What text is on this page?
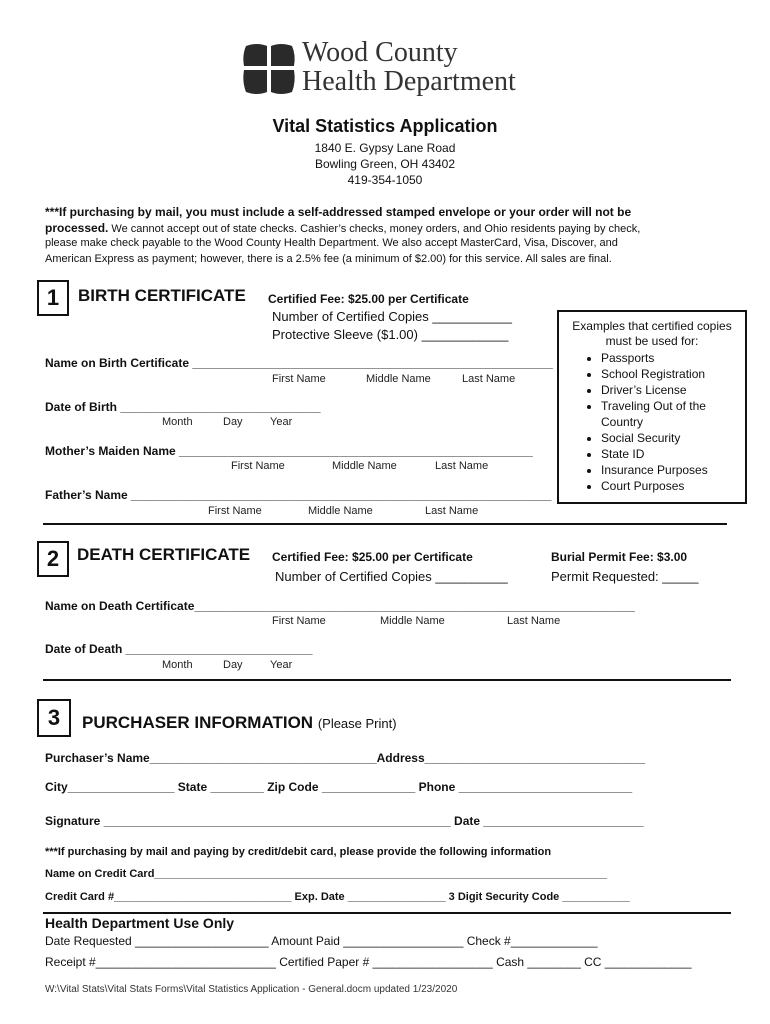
Wood County
Health Department
Vital Statistics Application
1840 E. Gypsy Lane Road
Bowling Green, OH 43402
419-354-1050
***If purchasing by mail, you must include a self-addressed stamped envelope or your order will not be
processed. We cannot accept out of state checks. Cashier’s checks, money orders, and Ohio residents paying by check,
please make check payable to the Wood County Health Department. We also accept MasterCard, Visa, Discover, and
American Express as payment; however, there is a 2.5% fee (a minimum of $2.00) for this service. All sales are final.
1	BIRTH CERTIFICATE Certified Fee: $25.00 per Certificate
Number of Certified Copies ___________
Protective Sleeve ($1.00) ____________
Name on Birth Certificate ______________________________________________________
First Name	Middle Name	Last Name
Date of Birth ______________________________
Month	Day Year
Mother’s Maiden Name _____________________________________________________
First Name	Middle Name	Last Name
Father’s Name _______________________________________________________________
First Name	Middle Name	Last Name
Examples that certified copies
must be used for:
• Passports
• School Registration
• Driver’s License
• Traveling Out of the Country
• Social Security
• State ID
• Insurance Purposes
• Court Purposes
2	DEATH CERTIFICATE Certified Fee: $25.00 per Certificate
Number of Certified Copies __________
Burial Permit Fee: $3.00
Permit Requested: _____
Name on Death Certificate__________________________________________________________________
First Name	Middle Name	Last Name
Date of Death ____________________________
Month	Day Year
3	PURCHASER INFORMATION (Please Print)
Purchaser’s Name__________________________________Address_________________________________
City________________ State ________ Zip Code ______________ Phone __________________________
Signature ____________________________________________________ Date ________________________
***If purchasing by mail and paying by credit/debit card, please provide the following information
Name on Credit Card__________________________________________________________________________
Credit Card #_____________________________ Exp. Date ________________ 3 Digit Security Code ___________
Health Department Use Only
Date Requested ____________________ Amount Paid __________________ Check #_____________
Receipt #___________________________ Certified Paper # __________________ Cash ________ CC _____________
W:\Vital Stats\Vital Stats Forms\Vital Statistics Application - General.docm updated 1/23/2020
